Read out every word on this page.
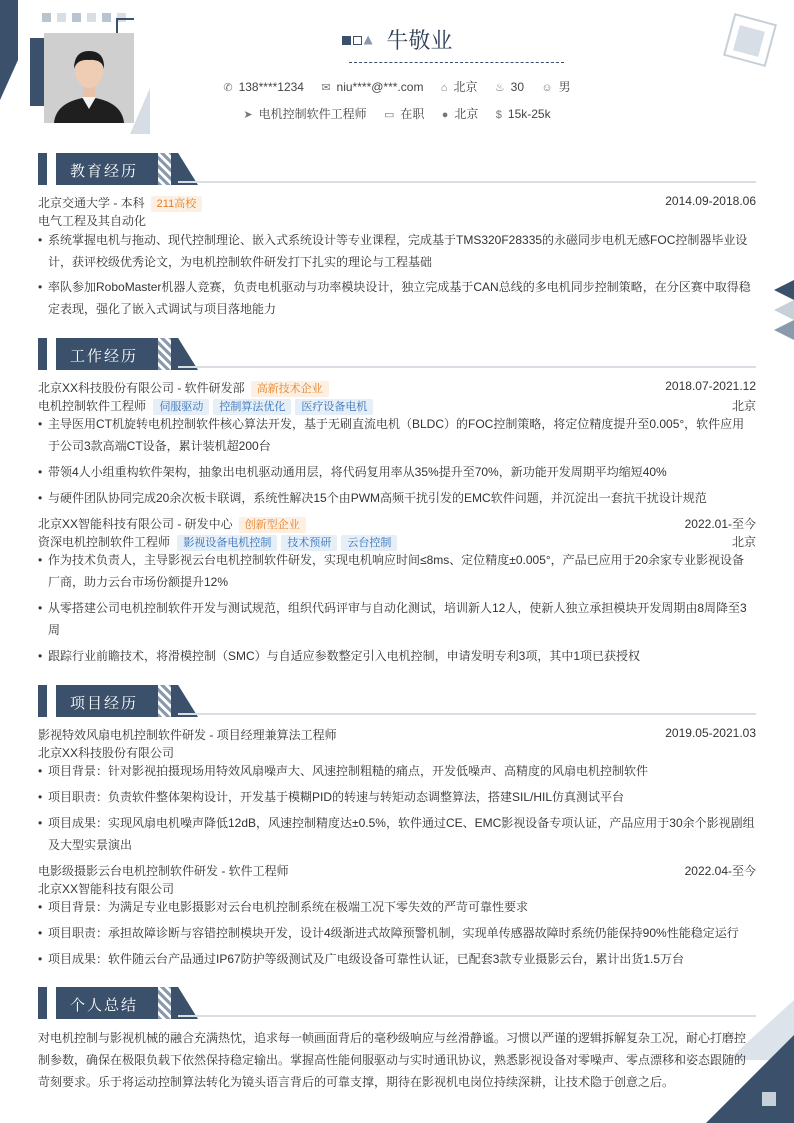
牛敬业
✆ 138****1234 ✉ niu****@***.com ⌂ 北京 ♨ 30 ☺ 男
➤ 电机控制软件工程师 ▭ 在职 ● 北京 $ 15k-25k
教育经历
北京交通大学 - 本科 211高校	2014.09-2018.06
电气工程及其自动化
• 系统掌握电机与拖动、现代控制理论、嵌入式系统设计等专业课程，完成基于TMS320F28335的永磁同步电机无感FOC控制器毕业设计，获评校级优秀论文，为电机控制软件研发打下扎实的理论与工程基础
• 率队参加RoboMaster机器人竞赛，负责电机驱动与功率模块设计，独立完成基于CAN总线的多电机同步控制策略，在分区赛中取得稳定表现，强化了嵌入式调试与项目落地能力
工作经历
北京XX科技股份有限公司 - 软件研发部 高新技术企业	2018.07-2021.12
电机控制软件工程师 伺服驱动 控制算法优化 医疗设备电机	北京
• 主导医用CT机旋转电机控制软件核心算法开发，基于无刷直流电机（BLDC）的FOC控制策略，将定位精度提升至0.005°，软件应用于公司3款高端CT设备，累计装机超200台
• 带领4人小组重构软件架构，抽象出电机驱动通用层，将代码复用率从35%提升至70%，新功能开发周期平均缩短40%
• 与硬件团队协同完成20余次板卡联调，系统性解决15个由PWM高频干扰引发的EMC软件问题，并沉淀出一套抗干扰设计规范
北京XX智能科技有限公司 - 研发中心 创新型企业	2022.01-至今
资深电机控制软件工程师 影视设备电机控制 技术预研 云台控制	北京
• 作为技术负责人，主导影视云台电机控制软件研发，实现电机响应时间≤8ms、定位精度±0.005°，产品已应用于20余家专业影视设备厂商，助力云台市场份额提升12%
• 从零搭建公司电机控制软件开发与测试规范，组织代码评审与自动化测试，培训新人12人，使新人独立承担模块开发周期由8周降至3周
• 跟踪行业前瞻技术，将滑模控制（SMC）与自适应参数整定引入电机控制，申请发明专利3项，其中1项已获授权
项目经历
影视特效风扇电机控制软件研发 - 项目经理兼算法工程师	2019.05-2021.03
北京XX科技股份有限公司
• 项目背景：针对影视拍摄现场用特效风扇噪声大、风速控制粗糙的痛点，开发低噪声、高精度的风扇电机控制软件
• 项目职责：负责软件整体架构设计，开发基于模糊PID的转速与转矩动态调整算法，搭建SIL/HIL仿真测试平台
• 项目成果：实现风扇电机噪声降低12dB，风速控制精度达±0.5%，软件通过CE、EMC影视设备专项认证，产品应用于30余个影视剧组及大型实景演出
电影级摄影云台电机控制软件研发 - 软件工程师	2022.04-至今
北京XX智能科技有限公司
• 项目背景：为满足专业电影摄影对云台电机控制系统在极端工况下零失效的严苛可靠性要求
• 项目职责：承担故障诊断与容错控制模块开发，设计4级渐进式故障预警机制，实现单传感器故障时系统仍能保持90%性能稳定运行
• 项目成果：软件随云台产品通过IP67防护等级测试及广电级设备可靠性认证，已配套3款专业摄影云台，累计出货1.5万台
个人总结
对电机控制与影视机械的融合充满热忱，追求每一帧画面背后的毫秒级响应与丝滑静谧。习惯以严谨的逻辑拆解复杂工况，耐心打磨控制参数，确保在极限负载下依然保持稳定输出。掌握高性能伺服驱动与实时通讯协议，熟悉影视设备对零噪声、零点漂移和姿态跟随的苛刻要求。乐于将运动控制算法转化为镜头语言背后的可靠支撑，期待在影视机电岗位持续深耕，让技术隐于创意之后。
